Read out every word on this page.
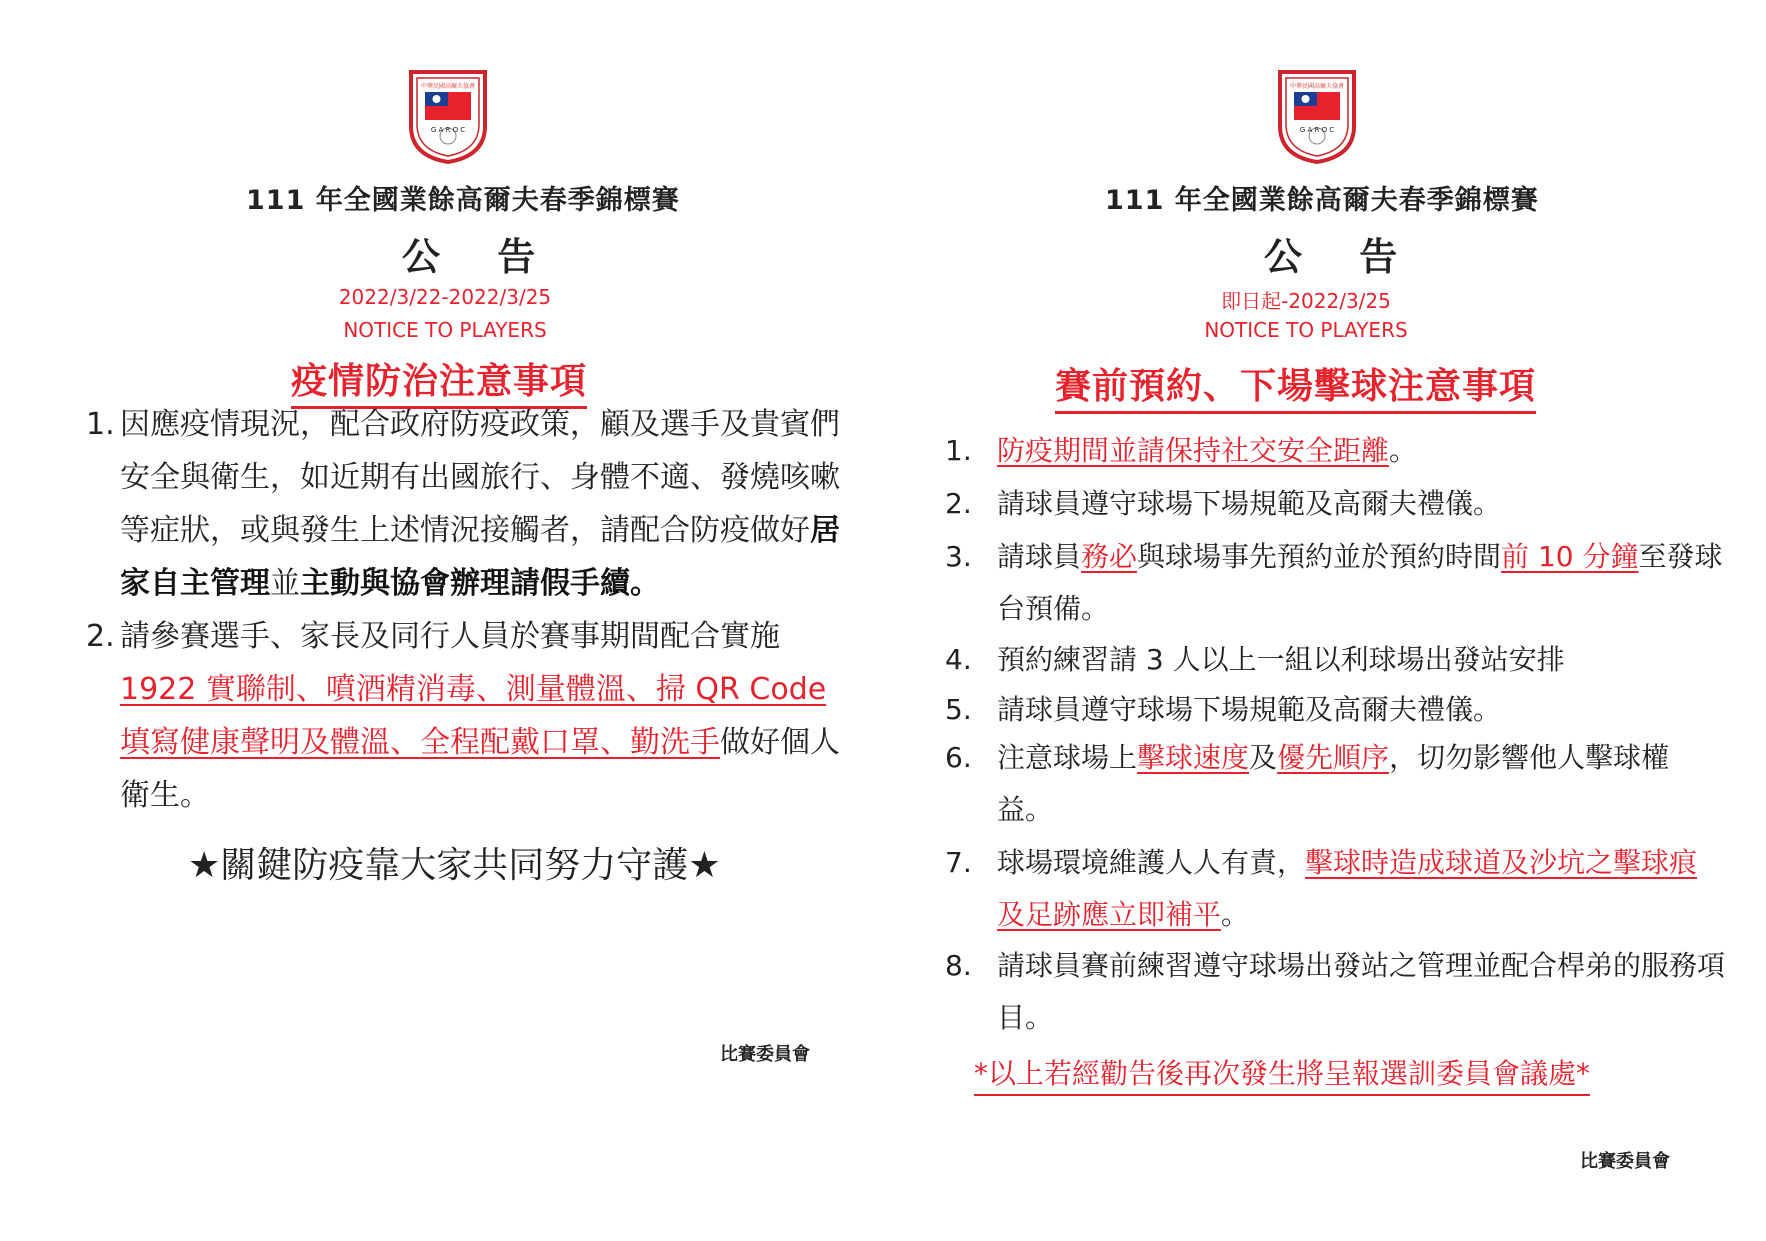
中華民國高爾夫協會
G A R O C
111 年全國業餘高爾夫春季錦標賽
公 告
2022/3/22-2022/3/25
NOTICE TO PLAYERS
疫情防治注意事項
1. 因應疫情現況，配合政府防疫政策，顧及選手及貴賓們安全與衛生，如近期有出國旅行、身體不適、發燒咳嗽等症狀，或與發生上述情況接觸者，請配合防疫做好居家自主管理並主動與協會辦理請假手續。
2. 請參賽選手、家長及同行人員於賽事期間配合實施1922 實聯制、噴酒精消毒、測量體溫、掃 QR Code 填寫健康聲明及體溫、全程配戴口罩、勤洗手做好個人衛生。
★關鍵防疫靠大家共同努力守護★
比賽委員會
中華民國高爾夫協會
G A R O C
111 年全國業餘高爾夫春季錦標賽
公 告
即日起-2022/3/25
NOTICE TO PLAYERS
賽前預約、下場擊球注意事項
1. 防疫期間並請保持社交安全距離。
2. 請球員遵守球場下場規範及高爾夫禮儀。
3. 請球員務必與球場事先預約並於預約時間前 10 分鐘至發球台預備。
4. 預約練習請 3 人以上一組以利球場出發站安排
5. 請球員遵守球場下場規範及高爾夫禮儀。
6. 注意球場上擊球速度及優先順序，切勿影響他人擊球權益。
7. 球場環境維護人人有責，擊球時造成球道及沙坑之擊球痕及足跡應立即補平。
8. 請球員賽前練習遵守球場出發站之管理並配合桿弟的服務項目。
*以上若經勸告後再次發生將呈報選訓委員會議處*
比賽委員會
